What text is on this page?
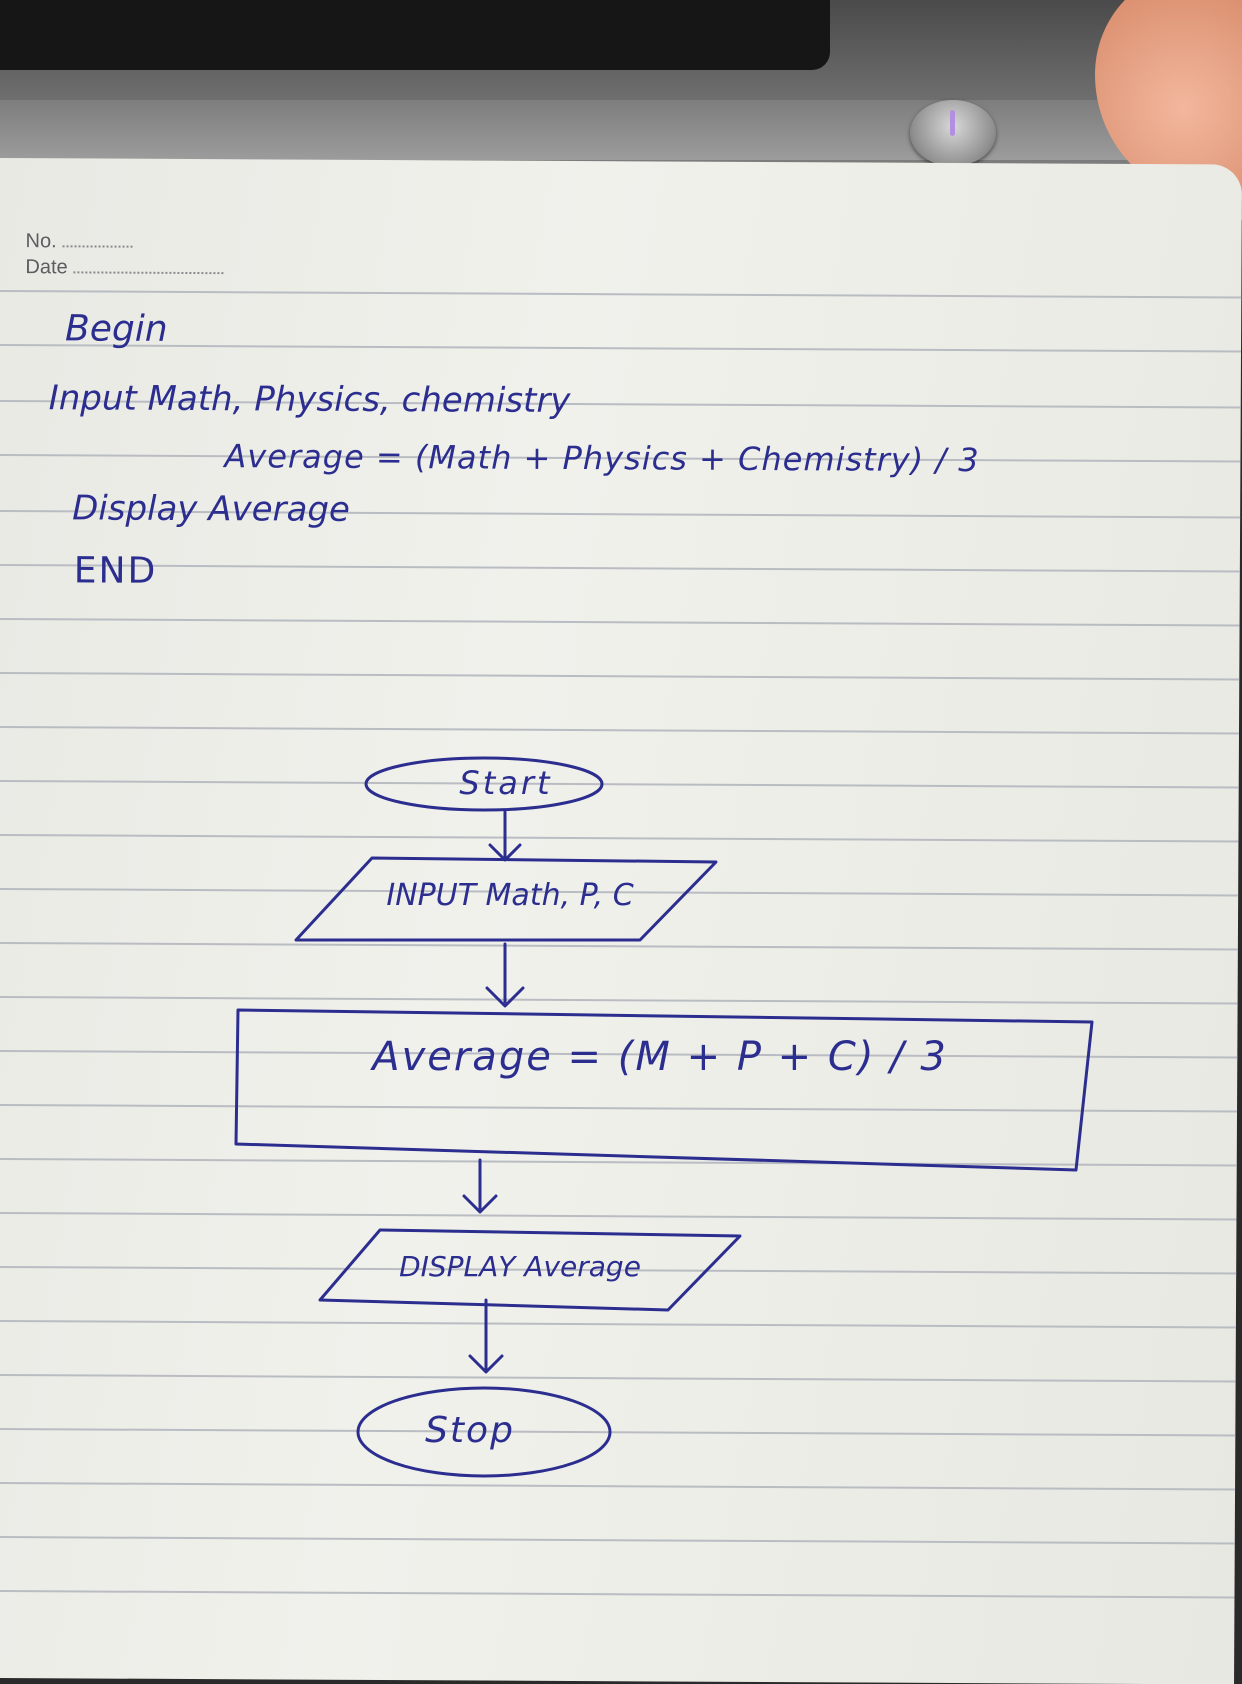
No.
Date
Begin
Input Math, Physics, chemistry
Average = (Math + Physics + Chemistry) / 3
Display Average
END
Start
INPUT Math, P, C
Average = (M + P + C) / 3
DISPLAY Average
Stop
